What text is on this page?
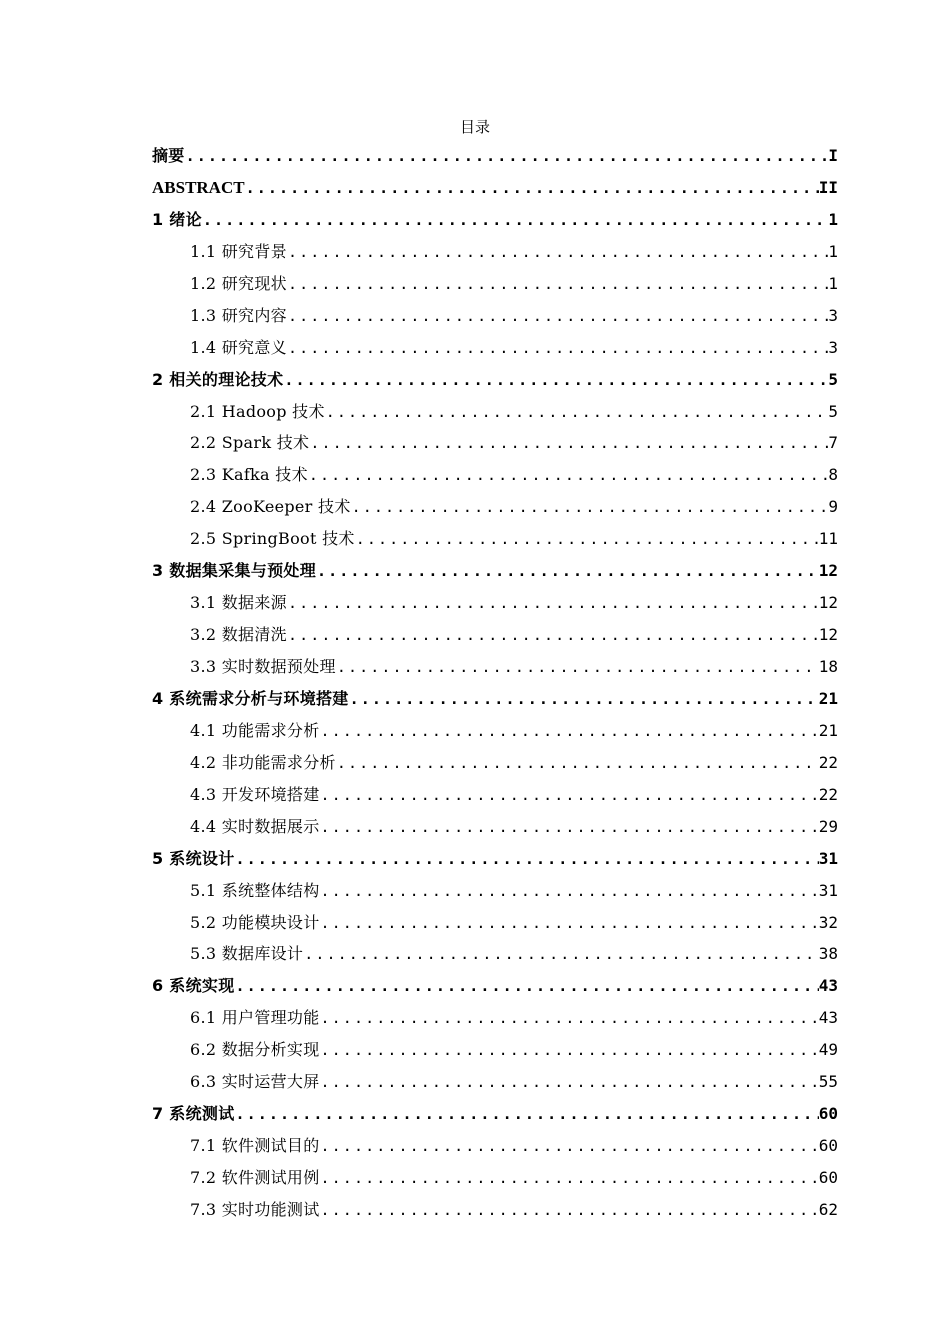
目录
摘要 .....	I
ABSTRACT .....	II
1 绪论 .....	1
1.1 研究背景 .....	1
1.2 研究现状 .....	1
1.3 研究内容 .....	3
1.4 研究意义 .....	3
2 相关的理论技术 .....	5
2.1 Hadoop 技术 .....	5
2.2 Spark 技术 .....	7
2.3 Kafka 技术 .....	8
2.4 ZooKeeper 技术 .....	9
2.5 SpringBoot 技术 .....	11
3 数据集采集与预处理 .....	12
3.1 数据来源 .....	12
3.2 数据清洗 .....	12
3.3 实时数据预处理 .....	18
4 系统需求分析与环境搭建 .....	21
4.1 功能需求分析 .....	21
4.2 非功能需求分析 .....	22
4.3 开发环境搭建 .....	22
4.4 实时数据展示 .....	29
5 系统设计 .....	31
5.1 系统整体结构 .....	31
5.2 功能模块设计 .....	32
5.3 数据库设计 .....	38
6 系统实现 .....	43
6.1 用户管理功能 .....	43
6.2 数据分析实现 .....	49
6.3 实时运营大屏 .....	55
7 系统测试 .....	60
7.1 软件测试目的 .....	60
7.2 软件测试用例 .....	60
7.3 实时功能测试 .....	62
